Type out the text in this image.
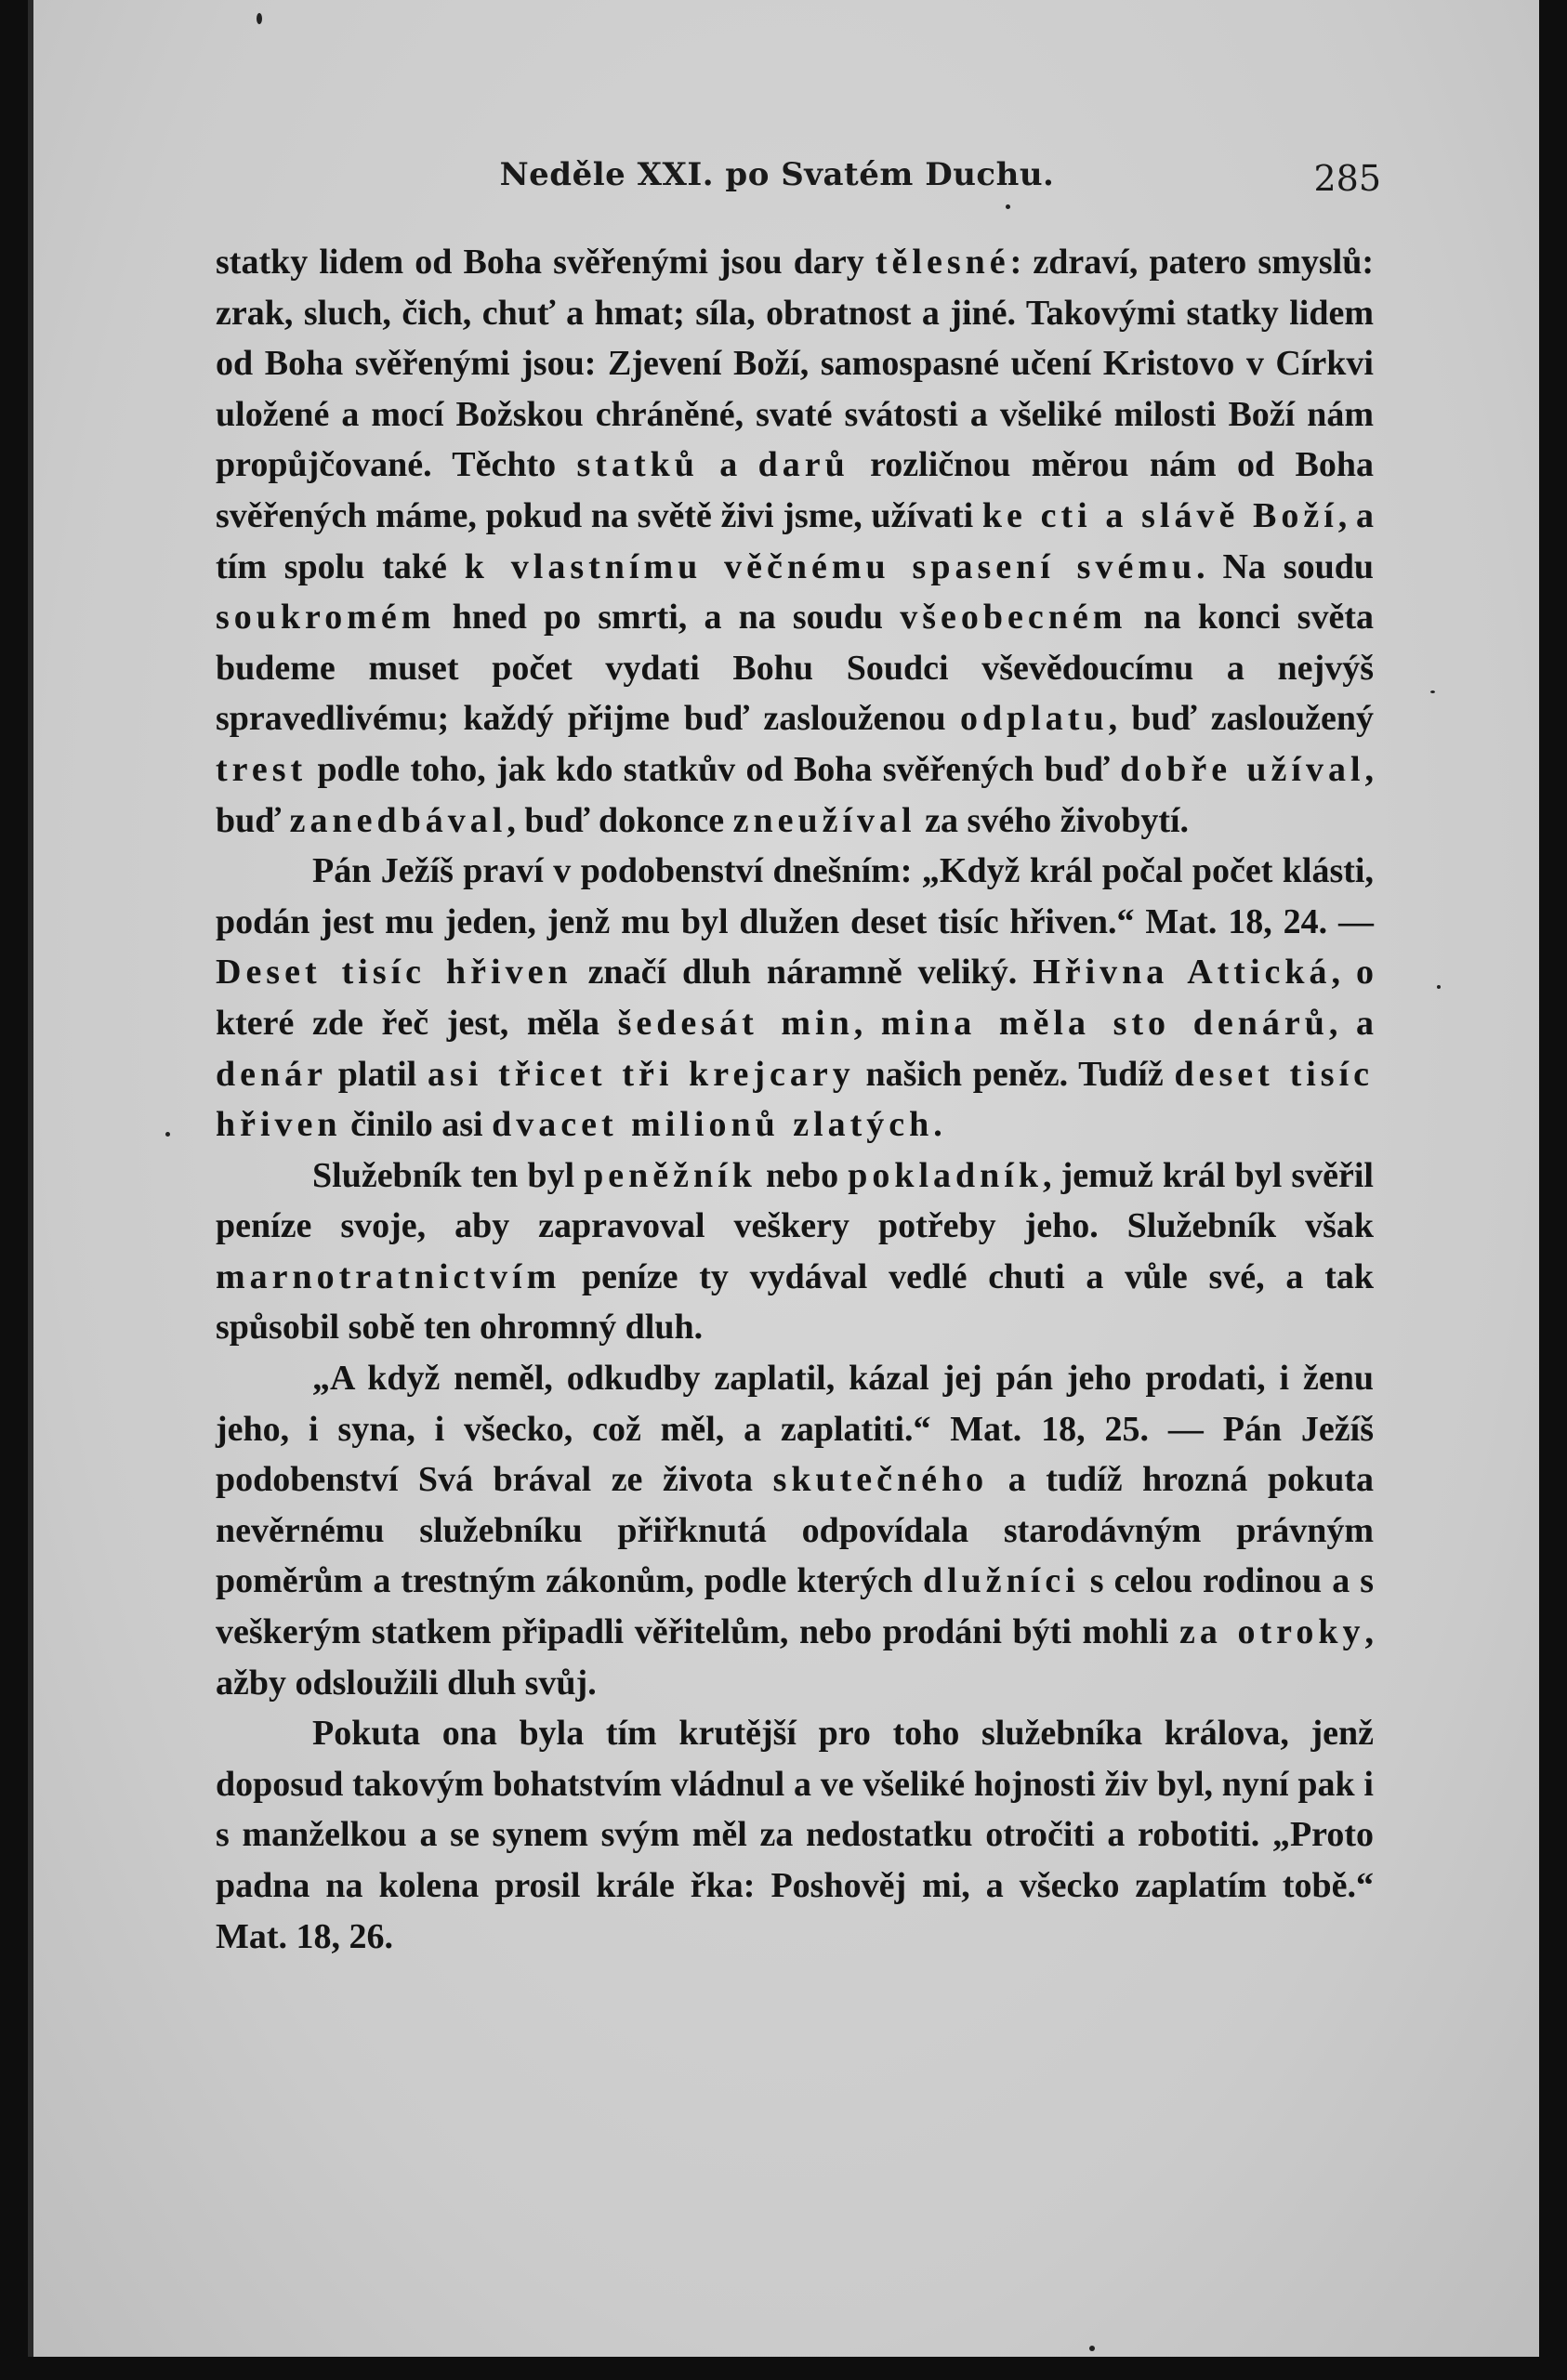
Neděle XXI. po Svatém Duchu.	285

statky lidem od Boha svěřenými jsou dary tělesné: zdraví, patero smyslů: zrak, sluch, čich, chuť a hmat; síla, obratnost a jiné. Takovými statky lidem od Boha svěřenými jsou: Zjevení Boží, samospasné učení Kristovo v Církvi uložené a mocí Božskou chráněné, svaté svátosti a všeliké milosti Boží nám propůjčované. Těchto statků a darů rozličnou měrou nám od Boha svěřených máme, pokud na světě živi jsme, užívati ke cti a slávě Boží, a tím spolu také k vlastnímu věčnému spasení svému. Na soudu soukromém hned po smrti, a na soudu všeobecném na konci světa budeme muset počet vydati Bohu Soudci vševědoucímu a nejvýš spravedlivému; každý přijme buď zaslouženou odplatu, buď zasloužený trest podle toho, jak kdo statkův od Boha svěřených buď dobře užíval, buď zanedbával, buď dokonce zneužíval za svého živobytí.

Pán Ježíš praví v podobenství dnešním: „Když král počal počet klásti, podán jest mu jeden, jenž mu byl dlužen deset tisíc hřiven.“ Mat. 18, 24. — Deset tisíc hřiven značí dluh náramně veliký. Hřivna Attická, o které zde řeč jest, měla šedesát min, mina měla sto denárů, a denár platil asi třicet tři krejcary našich peněz. Tudíž deset tisíc hřiven činilo asi dvacet milionů zlatých.

Služebník ten byl peněžník nebo pokladník, jemuž král byl svěřil peníze svoje, aby zapravoval veškery potřeby jeho. Služebník však marnotratnictvím peníze ty vydával vedlé chuti a vůle své, a tak spůsobil sobě ten ohromný dluh.

„A když neměl, odkudby zaplatil, kázal jej pán jeho prodati, i ženu jeho, i syna, i všecko, což měl, a zaplatiti.“ Mat. 18, 25. — Pán Ježíš podobenství Svá brával ze života skutečného a tudíž hrozná pokuta nevěrnému služebníku přiřknutá odpovídala starodávným právným poměrům a trestným zákonům, podle kterých dlužníci s celou rodinou a s veškerým statkem připadli věřitelům, nebo prodáni býti mohli za otroky, ažby odsloužili dluh svůj.

Pokuta ona byla tím krutější pro toho služebníka králova, jenž doposud takovým bohatstvím vládnul a ve všeliké hojnosti živ byl, nyní pak i s manželkou a se synem svým měl za nedostatku otročiti a robotiti. „Proto padna na kolena prosil krále řka: Poshověj mi, a všecko zaplatím tobě.“ Mat. 18, 26.
